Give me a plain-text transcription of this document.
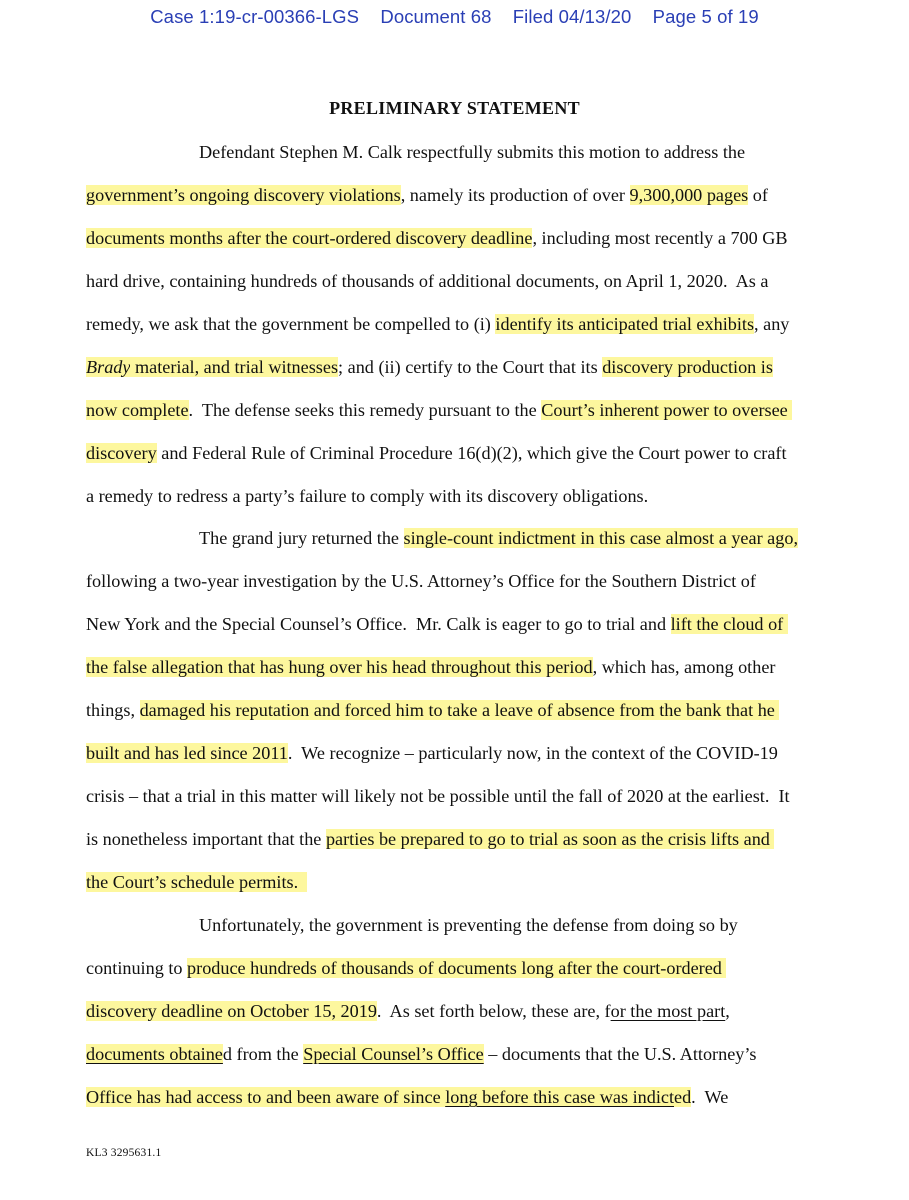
Case 1:19-cr-00366-LGS Document 68 Filed 04/13/20 Page 5 of 19
PRELIMINARY STATEMENT
Defendant Stephen M. Calk respectfully submits this motion to address the
government’s ongoing discovery violations, namely its production of over 9,300,000 pages of
documents months after the court-ordered discovery deadline, including most recently a 700 GB
hard drive, containing hundreds of thousands of additional documents, on April 1, 2020.  As a
remedy, we ask that the government be compelled to (i) identify its anticipated trial exhibits, any
Brady material, and trial witnesses; and (ii) certify to the Court that its discovery production is
now complete.  The defense seeks this remedy pursuant to the Court’s inherent power to oversee
discovery and Federal Rule of Criminal Procedure 16(d)(2), which give the Court power to craft
a remedy to redress a party’s failure to comply with its discovery obligations.
The grand jury returned the single-count indictment in this case almost a year ago,
following a two-year investigation by the U.S. Attorney’s Office for the Southern District of
New York and the Special Counsel’s Office.  Mr. Calk is eager to go to trial and lift the cloud of
the false allegation that has hung over his head throughout this period, which has, among other
things, damaged his reputation and forced him to take a leave of absence from the bank that he
built and has led since 2011.  We recognize – particularly now, in the context of the COVID-19
crisis – that a trial in this matter will likely not be possible until the fall of 2020 at the earliest.  It
is nonetheless important that the parties be prepared to go to trial as soon as the crisis lifts and
the Court’s schedule permits.
Unfortunately, the government is preventing the defense from doing so by
continuing to produce hundreds of thousands of documents long after the court-ordered
discovery deadline on October 15, 2019.  As set forth below, these are, for the most part,
documents obtained from the Special Counsel’s Office – documents that the U.S. Attorney’s
Office has had access to and been aware of since long before this case was indicted.  We
KL3 3295631.1
